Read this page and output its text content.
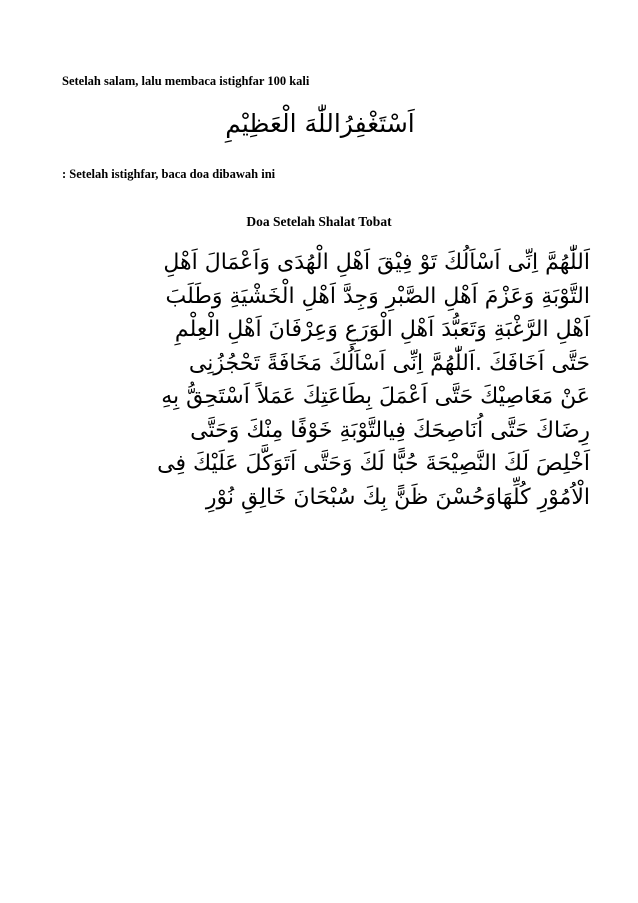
Setelah salam, lalu membaca istighfar 100 kali
اَسْتَغْفِرُاللّٰهَ الْعَظِيْمِ
: Setelah istighfar, baca doa dibawah ini
Doa Setelah Shalat Tobat
اَللّٰهُمَّ اِنِّى اَسْاَلُكَ تَوْ فِيْقَ اَهْلِ الْهُدَى وَاَعْمَالَ اَهْلِ
التَّوْبَةِ وَعَزْمَ اَهْلِ الصَّبْرِ وَجِدَّ اَهْلِ الْخَشْيَةِ وَطَلَبَ
اَهْلِ الرَّغْبَةِ وَتَعَبُّدَ اَهْلِ الْوَرَعِ وَعِرْفَانَ اَهْلِ الْعِلْمِ
حَتَّى اَخَافَكَ .اَللّٰهُمَّ اِنِّى اَسْاَلُكَ مَخَافَةً تَحْجُزُنِى
عَنْ مَعَاصِيْكَ حَتَّى اَعْمَلَ بِطَاعَتِكَ عَمَلاً اَسْتَحِقُّ بِهِ
رِضَاكَ حَتَّى اُنَاصِحَكَ فِيالتَّوْبَةِ خَوْفًا مِنْكَ وَحَتَّى
اَخْلِصَ لَكَ النَّصِيْحَةَ حُبًّا لَكَ وَحَتَّى اَتَوَكَّلَ عَلَيْكَ فِى
الْاُمُوْرِ كُلِّهَاوَحُسْنَ ظَنًّ بِكَ سُبْحَانَ خَالِقِ نُوْرِ
